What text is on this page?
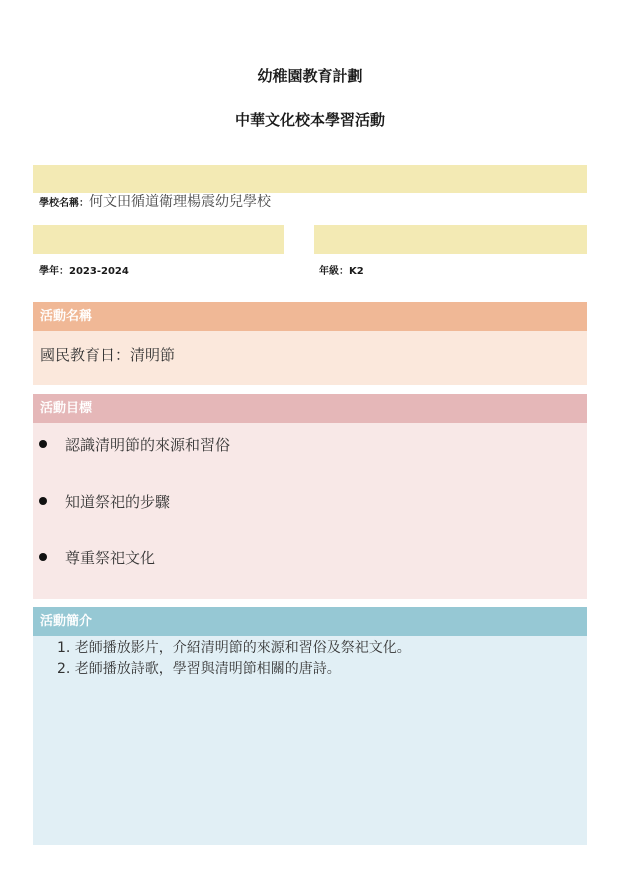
幼稚園教育計劃
中華文化校本學習活動
學校名稱：何文田循道衛理楊震幼兒學校
學年：2023-2024	年級：K2
活動名稱
國民教育日：清明節
活動目標
認識清明節的來源和習俗
知道祭祀的步驟
尊重祭祀文化
活動簡介
1. 老師播放影片，介紹清明節的來源和習俗及祭祀文化。
2. 老師播放詩歌，學習與清明節相關的唐詩。
